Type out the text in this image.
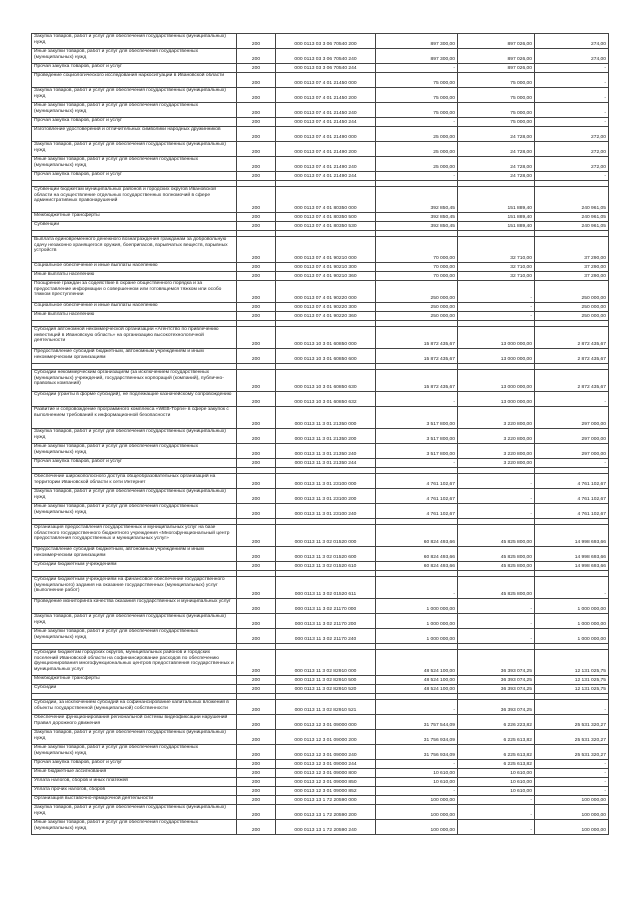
Закупка товаров, работ и услуг для обеспечения государственных (муниципальных) нужд	200	000 0113 03 3 06 70540 200	897 300,00	897 026,00	274,00
Иные закупки товаров, работ и услуг для обеспечения государственных (муниципальных) нужд	200	000 0113 03 3 06 70540 240	897 300,00	897 026,00	274,00
Прочая закупка товаров, работ и услуг	200	000 0113 03 3 06 70540 244	-	897 026,00	-
Проведение социологического исследования наркоситуации в Ивановской области	200	000 0113 07 4 01 21450 000	75 000,00	75 000,00	-
Закупка товаров, работ и услуг для обеспечения государственных (муниципальных) нужд	200	000 0113 07 4 01 21450 200	75 000,00	75 000,00	-
Иные закупки товаров, работ и услуг для обеспечения государственных (муниципальных) нужд	200	000 0113 07 4 01 21450 240	75 000,00	75 000,00	-
Прочая закупка товаров, работ и услуг	200	000 0113 07 4 01 21450 244	-	75 000,00	-
Изготовление удостоверений и отличительных символики народных дружинников	200	000 0113 07 4 01 21490 000	25 000,00	24 728,00	272,00
Закупка товаров, работ и услуг для обеспечения государственных (муниципальных) нужд	200	000 0113 07 4 01 21490 200	25 000,00	24 728,00	272,00
Иные закупки товаров, работ и услуг для обеспечения государственных (муниципальных) нужд	200	000 0113 07 4 01 21490 240	25 000,00	24 728,00	272,00
Прочая закупка товаров, работ и услуг	200	000 0113 07 4 01 21490 244	-	24 728,00	-

Субвенции бюджетам муниципальных районов и городских округов Ивановской области на осуществление отдельных государственных полномочий в сфере административных правонарушений	200	000 0113 07 4 01 80350 000	392 850,45	151 889,40	240 961,05
Межбюджетные трансферты	200	000 0113 07 4 01 80350 500	392 850,45	151 889,40	240 961,05
Субвенции	200	000 0113 07 4 01 80350 530	392 850,45	151 889,40	240 961,05

Выплата единовременного денежного вознаграждения гражданам за добровольную сдачу незаконно хранящегося оружия, боеприпасов, взрывчатых веществ, взрывных устройств	200	000 0113 07 4 01 90210 000	70 000,00	32 710,00	37 290,00
Социальное обеспечение и иные выплаты населению	200	000 0113 07 4 01 90210 300	70 000,00	32 710,00	37 290,00
Иные выплаты населению	200	000 0113 07 4 01 90210 360	70 000,00	32 710,00	37 290,00
Поощрение граждан за содействие в охране общественного порядка и за предоставление информации о совершенном или готовящемся тяжком или особо тяжком преступлении	200	000 0113 07 4 01 90220 000	250 000,00	-	250 000,00
Социальное обеспечение и иные выплаты населению	200	000 0113 07 4 01 90220 300	250 000,00	-	250 000,00
Иные выплаты населению	200	000 0113 07 4 01 90220 360	250 000,00	-	250 000,00

Субсидия автономной некоммерческой организации «Агентство по привлечению инвестиций в Ивановскую область» на организацию высокотехнологичной деятельности	200	000 0113 10 3 01 60850 000	15 872 435,67	13 000 000,00	2 872 435,67
Предоставление субсидий бюджетным, автономным учреждениям и иным некоммерческим организациям	200	000 0113 10 3 01 60850 600	15 872 435,67	13 000 000,00	2 872 435,67

Субсидии некоммерческим организациям (за исключением государственных (муниципальных) учреждений, государственных корпораций (компаний), публично-правовых компаний)	200	000 0113 10 3 01 60850 630	15 872 435,67	13 000 000,00	2 872 435,67
Субсидии (гранты в форме субсидий), не подлежащие казначейскому сопровождению	200	000 0113 10 3 01 60850 632	-	13 000 000,00	-
Развитие и сопровождение программного комплекса «WEB-Торги» в сфере закупок с выполнением требований к информационной безопасности	200	000 0113 11 3 01 21350 000	3 517 800,00	3 220 800,00	297 000,00
Закупка товаров, работ и услуг для обеспечения государственных (муниципальных) нужд	200	000 0113 11 3 01 21350 200	3 517 800,00	3 220 800,00	297 000,00
Иные закупки товаров, работ и услуг для обеспечения государственных (муниципальных) нужд	200	000 0113 11 3 01 21350 240	3 517 800,00	3 220 800,00	297 000,00
Прочая закупка товаров, работ и услуг	200	000 0113 11 3 01 21350 244	-	3 220 800,00	-

Обеспечение широкополосного доступа общеобразовательных организаций на территории Ивановской области к сети Интернет	200	000 0113 11 3 01 23100 000	4 761 102,67	-	4 761 102,67
Закупка товаров, работ и услуг для обеспечения государственных (муниципальных) нужд	200	000 0113 11 3 01 23100 200	4 761 102,67	-	4 761 102,67
Иные закупки товаров, работ и услуг для обеспечения государственных (муниципальных) нужд	200	000 0113 11 3 01 23100 240	4 761 102,67	-	4 761 102,67

Организация предоставления государственных и муниципальных услуг на базе областного государственного бюджетного учреждения «Многофункциональный центр предоставления государственных и муниципальных услуг»	200	000 0113 11 3 02 01520 000	60 824 493,66	45 825 800,00	14 998 693,66
Предоставление субсидий бюджетным, автономным учреждениям и иным некоммерческим организациям	200	000 0113 11 3 02 01520 600	60 824 493,66	45 825 800,00	14 998 693,66
Субсидии бюджетным учреждениям	200	000 0113 11 3 02 01520 610	60 824 493,66	45 825 800,00	14 998 693,66

Субсидии бюджетным учреждениям на финансовое обеспечение государственного (муниципального) задания на оказание государственных (муниципальных) услуг (выполнение работ)	200	000 0113 11 3 02 01520 611	-	45 825 800,00	-
Проведение мониторинга качества оказания государственных и муниципальных услуг	200	000 0113 11 3 02 21170 000	1 000 000,00	-	1 000 000,00
Закупка товаров, работ и услуг для обеспечения государственных (муниципальных) нужд	200	000 0113 11 3 02 21170 200	1 000 000,00	-	1 000 000,00
Иные закупки товаров, работ и услуг для обеспечения государственных (муниципальных) нужд	200	000 0113 11 3 02 21170 240	1 000 000,00	-	1 000 000,00

Субсидии бюджетам городских округов, муниципальных районов и городских поселений Ивановской области на софинансирование расходов по обеспечению функционирования многофункциональных центров предоставления государственных и муниципальных услуг	200	000 0113 11 3 02 82910 000	48 524 100,00	36 393 074,25	12 131 025,75
Межбюджетные трансферты	200	000 0113 11 3 02 82910 500	48 524 100,00	36 393 074,25	12 131 025,75
Субсидии	200	000 0113 11 3 02 82910 520	48 524 100,00	36 393 074,25	12 131 025,75

Субсидии, за исключением субсидий на софинансирование капитальных вложений в объекты государственной (муниципальной) собственности	200	000 0113 11 3 02 82910 521	-	36 393 074,25	-
Обеспечение функционирования региональной системы видеофиксации нарушений Правил дорожного движения	200	000 0113 12 3 01 09000 000	31 757 544,09	6 226 223,82	25 531 320,27
Закупка товаров, работ и услуг для обеспечения государственных (муниципальных) нужд	200	000 0113 12 3 01 09000 200	31 756 934,09	6 225 613,82	25 531 320,27
Иные закупки товаров, работ и услуг для обеспечения государственных (муниципальных) нужд	200	000 0113 12 3 01 09000 240	31 756 934,09	6 225 613,82	25 531 320,27
Прочая закупка товаров, работ и услуг	200	000 0113 12 3 01 09000 244	-	6 225 613,82	-
Иные бюджетные ассигнования	200	000 0113 12 3 01 09000 800	10 610,00	10 610,00	-
Уплата налогов, сборов и иных платежей	200	000 0113 12 3 01 09000 850	10 610,00	10 610,00	-
Уплата прочих налогов, сборов	200	000 0113 12 3 01 09000 852	-	10 610,00	-
Организация выставочно-ярмарочной деятельности	200	000 0113 13 1 72 20590 000	100 000,00	-	100 000,00
Закупка товаров, работ и услуг для обеспечения государственных (муниципальных) нужд	200	000 0113 13 1 72 20590 200	100 000,00	-	100 000,00
Иные закупки товаров, работ и услуг для обеспечения государственных (муниципальных) нужд	200	000 0113 13 1 72 20590 240	100 000,00	-	100 000,00
